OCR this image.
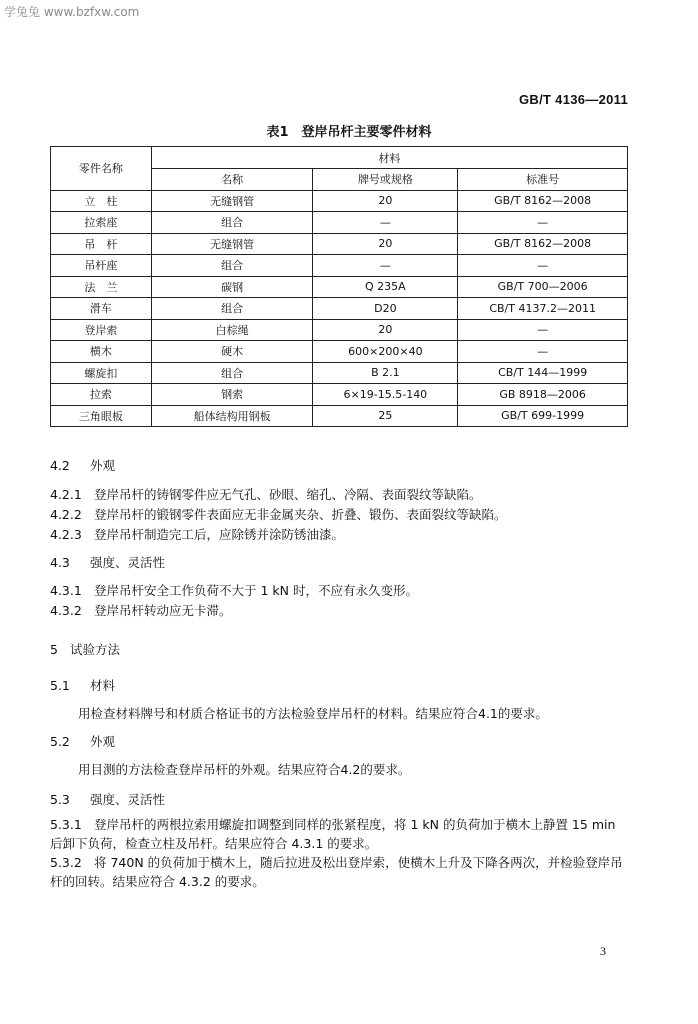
学兔兔 www.bzfxw.com
GB/T 4136—2011
表1　登岸吊杆主要零件材料
零件名称	材料		
	名称	牌号或规格	标准号
立　柱	无缝钢管	20	GB/T 8162—2008
拉索座	组合	—	—
吊　杆	无缝钢管	20	GB/T 8162—2008
吊杆座	组合	—	—
法　兰	碳钢	Q 235A	GB/T 700—2006
滑车	组合	D20	CB/T 4137.2—2011
登岸索	白棕绳	20	—
横木	硬木	600×200×40	—
螺旋扣	组合	B 2.1	CB/T 144—1999
拉索	钢索	6×19-15.5-140	GB 8918—2006
三角眼板	船体结构用钢板	25	GB/T 699-1999
4.2 外观
4.2.1 登岸吊杆的铸钢零件应无气孔、砂眼、缩孔、冷隔、表面裂纹等缺陷。
4.2.2 登岸吊杆的锻钢零件表面应无非金属夹杂、折叠、锻伤、表面裂纹等缺陷。
4.2.3 登岸吊杆制造完工后，应除锈并涂防锈油漆。
4.3 强度、灵活性
4.3.1 登岸吊杆安全工作负荷不大于 1 kN 时，不应有永久变形。
4.3.2 登岸吊杆转动应无卡滞。
5 试验方法
5.1 材料
用检查材料牌号和材质合格证书的方法检验登岸吊杆的材料。结果应符合4.1的要求。
5.2 外观
用目测的方法检查登岸吊杆的外观。结果应符合4.2的要求。
5.3 强度、灵活性
5.3.1 登岸吊杆的两根拉索用螺旋扣调整到同样的张紧程度，将 1 kN 的负荷加于横木上静置 15 min 后卸下负荷，检查立柱及吊杆。结果应符合 4.3.1 的要求。
5.3.2 将 740N 的负荷加于横木上，随后拉进及松出登岸索，使横木上升及下降各两次，并检验登岸吊杆的回转。结果应符合 4.3.2 的要求。
3
